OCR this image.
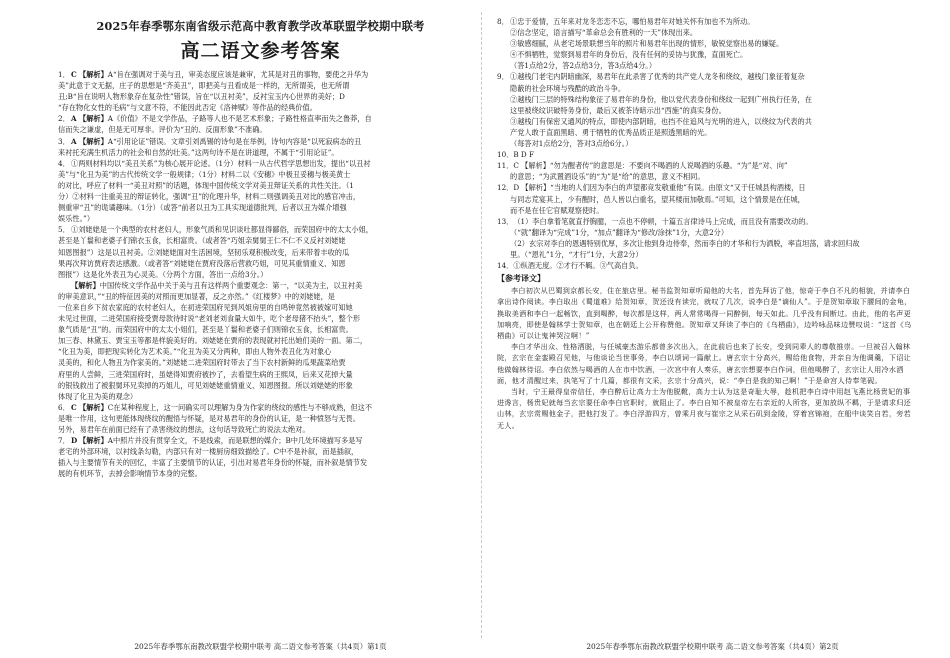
2025年春季鄂东南省级示范高中教育教学改革联盟学校期中联考
高二语文参考答案

1．C 【解析】A“旨在强调对于美与丑，审美态度应该是兼审，尤其是对丑的事物，要使之升华为

美”此意于文无据，庄子的思想是“齐美丑”，即把美与丑看成是一样的，无所谓美，也无所谓

丑;B“旨在说明人物形象存在复杂性”错误，旨在“以丑衬美”，反衬宝玉内心世界的美好；D

“存在物化女性的毛病”与文意不符，不能因此否定《洛神赋》等作品的经典价值。

2．A 【解析】A《价值》不是文学作品，子路等人也不是艺术形象；子路性格直率而失之鲁莽，自

信而失之谦虚，但是无可厚非。评价为“丑的、反面形象”不准确。

3．A 【解析】A“引用论证”错误。文章引刘禹锡的诗句是在举例，诗句内容是“以死寂病态的丑

来衬托充满生机活力的社会和自然的壮美。”这两句诗不是在讲道理，不属于“引用论证”。

4．①两则材料均以“美丑关系”为核心展开论述。（1分）材料一从古代哲学思想出发，提出“以丑衬

美”与“化丑为美”的古代传统文学一般规律；（1分）材料二以《安穗》中极丑妥穗与极美黄士

的对比，呼应了材料一“美丑对照”的话题，体现中国传统文学对美丑辩证关系的共性关注。（1

分）②材料一注重美丑的辩证转化，强调“丑”的化理升华，材料二则强调美丑对比的感官冲击，

侧重审“丑”的诡谲趣味。（1分）（或答“前者以丑为工具实现道德批判，后者以丑为媒介增强

娱乐性。”）

5．①刘姥姥是一个典型的农村老妇人，形象气质和见识谈吐都显得鄙俗，而荣国府中的太太小姐，

甚至是丫鬟和老婆子们锦衣玉食，长相富贵。（或者答“巧姐亲舅舅王仁不仁不义反衬刘姥姥

知恩图报”）这是以丑衬美。②刘姥姥面对生活困境，坚韧乐观积极改变，后来带着丰收的瓜

果再次拜访贾府表达感激。（或者答“刘姥姥在贾府没落后营救巧姐，可见其重情重义、知恩

图报”）这是化外表丑为心灵美。（分两个方面，答出一点给3分。）

【解析】中国传统文学作品中关于美与丑有这样两个重要观念：第一，“以美为主，以丑衬美

的审美意识，”“丑的特征因美的对照而更加显著，反之亦然。”《红楼梦》中的刘姥姥，是

一位来自乡下贫农家庭的农村老妇人，在初进荣国府见到风姐房里的自鸣钟竟然被被嫁可知她

未见过世面，二进荣国府接受贾母款待时说“老刘老刘食量大如牛，吃个老母猪不抬头”，整个形

象气质是“丑”的。而荣国府中的太太小姐们，甚至是丫鬟和老婆子们则锦衣玉食，长相富贵。

加三春、林黛玉、贾宝玉等都是样貌美好的。刘姥姥在贾府的表现就衬托出她们美的一面。第二，

“化丑为美，即把现实转化为艺术美。”“化丑为美又分两种，即由人物外表丑化为对象心

灵美的，和化人物丑为作家美的。”刘姥姥二进荣国府时带去了当下农村新鲜的瓜果蔬菜给贾

府里的人尝鲜，三进荣国府时，虽姥得知贾府被抄了，去看望生病的王熙凤，后来又花掉大量

的银钱救出了被狠舅环兄卖掉的巧姐儿，可见刘姥姥重情重义、知恩图报。所以刘姥姥的形象

体现了化丑为美的观念）

6．C 【解析】C在某种程度上，这一问确实可以理解为身为作家的绕纹的感性与不够成熟，但这不

是唯一作用，这句更能体现绕纹的醒悟与怀疑，是对易君年的身份的认证，是一种愤怒与无畏。

另外，易君年在前面已经有了杀害绕纹的想法，这句话导致死亡的说法太绝对。

7．D 【解析】A中照片并没有贯穿全文，不是线索，而是联想的媒介；B中几处环境描写多是写

老宅的外部环境，以衬线条勾勒，内部只有对一楼厨房细致描绘了。C中不是补叙，而是插叙，

插入与主要情节有关的回忆，丰富了主要情节的认证，引出对易君年身份的怀疑，而补叙是情节发

展的有机环节，去掉会影响情节本身的完整。

2025年春季鄂东南教改联盟学校期中联考 高二语文参考答案（共4页）第1页

8．①忠于爱情，五年来对龙冬恋恋不忘，哪怕易君年对她关怀有加也不为所动。

②信念坚定，语言描写“革命总会有胜利的一天”体现出来。

③敏感细腻，从老宅场景联想当年的照片和易君年出现的情形，敏锐觉察出易的嫌疑。

④不惧牺牲，觉察到易君年的身份后，没有任何的妥协与犹豫，直面死亡。

（答1点给2分，答2点给3分，答3点给4分。）

9．①越栈门老宅内阴暗幽深，易君年在此杀害了优秀的共产党人龙冬和绕纹，越栈门象征着复杂

隐蔽的社会环境与残酷的政治斗争。

②越栈门三层的特殊结构象征了易君年的身份，他以党代表身份和绕纹一起到广州执行任务，在

这里被绕纹识破特务身份，最后又被茶诗暗示出“西施”的真实身份。

③越栈门有保密又通风的特点，即使内部阴暗，也挡不住追风与光明的进入，以绕纹为代表的共

产党人敢于直面黑暗、勇于牺牲的优秀品质正是照透黑暗的光。

（每答对1点给2分，答对3点给6分。）

10．B D F

11．C 【解析】“勿为醒者传”的意思是：不要向不喝酒的人说喝酒的乐趣。“为”是“对、向”

的意思；“为武置酒设乐”的“为”是“给”的意思，意义不相同。

12．D 【解析】“当地的人们因为李白的声望都竞发敬重他”有误。由原文“又于任城县构酒楼，日

与同志荒宴其上，少有醒时，邑人皆以白重名，望其楼而加敬焉。”可知，这个情景是在任城，

而不是在任它官赋观察使时。

13．（1）李白拿着笔就直抒胸臆，一点也不停顿，十篇五言律诗马上完成，而且没有需要改动的。

（“就”翻译为“完成”1分，“加点”翻译为“修改/涂抹”1分，大意2分）

（2）玄宗对李白的恩遇特别优厚，多次让他到身边侍奉，然而李白的才华和行为洒脱，率直坦荡，请求回归故

里。（“恩礼”1分，“才行”1分，大意2分）

14．①纵酒无度。②才行不羁。③气高自负。

【参考译文】

李白初次从巴蜀到京都长安，住在旅店里。秘书监贺知章听闻他的大名，首先拜访了他，惊奇于李白不凡的相貌，并请李白拿出诗作阅读。李白取出《蜀道难》给贺知章，贺还没有读完，就叹了几次，说李白是“谪仙人”。于是贺知章取下腰间的金龟，换取美酒和李白一起畅饮，直到喝醉，每次都是这样，两人常常喝得一同醉倒，每天如此。几乎没有间断过。由此，他的名声更加响亮，即使是翰林学士贺知章，也在朝廷上公开称赞他。贺知章又拜读了李白的《乌栖曲》，边吟咏品味边赞叹说：“这首《乌栖曲》可以让鬼神哭泣啊！”

李白才华出众、性格洒脱，与任城豪杰游乐都曾多次出入，在此前后也来了长安，受到同辈人的尊敬推崇。一旦被召入翰林院，玄宗在金銮殿召见他，与他谈论当世事务，李白以颂词一篇献上。唐玄宗十分高兴，赐给他食物，并亲自为他调羹，下诏让他做翰林待诏。李白依然与喝酒的人在市中饮酒，一次宫中有人奏乐，唐玄宗想要李白作词，但他喝醉了，玄宗让人用冷水洒面，他才清醒过来，执笔写了十几篇，都很有文采，玄宗十分高兴，说：“李白是我的知己啊！”于是命宫人侍奉笔砚。

当时，宁王最得皇帝信任，李白醉后让高力士为他脱靴，高力士认为这是奇耻大辱，趁机把李白诗中用赵飞燕比杨贵妃的事进谗言，杨贵妃就每当玄宗要任命李白官职时，就阻止了。李白自知不被皇帝左右亲近的人所容，更加放纵不羁，于是请求归还山林，玄宗赏赐他金子，把他打发了。李白浮游四方，曾乘月夜与崔宗之从采石矶到金陵，穿着宫锦袍，在船中谈笑自若，旁若无人。

2025年春季鄂东南教改联盟学校期中联考 高二语文参考答案（共4页）第2页
